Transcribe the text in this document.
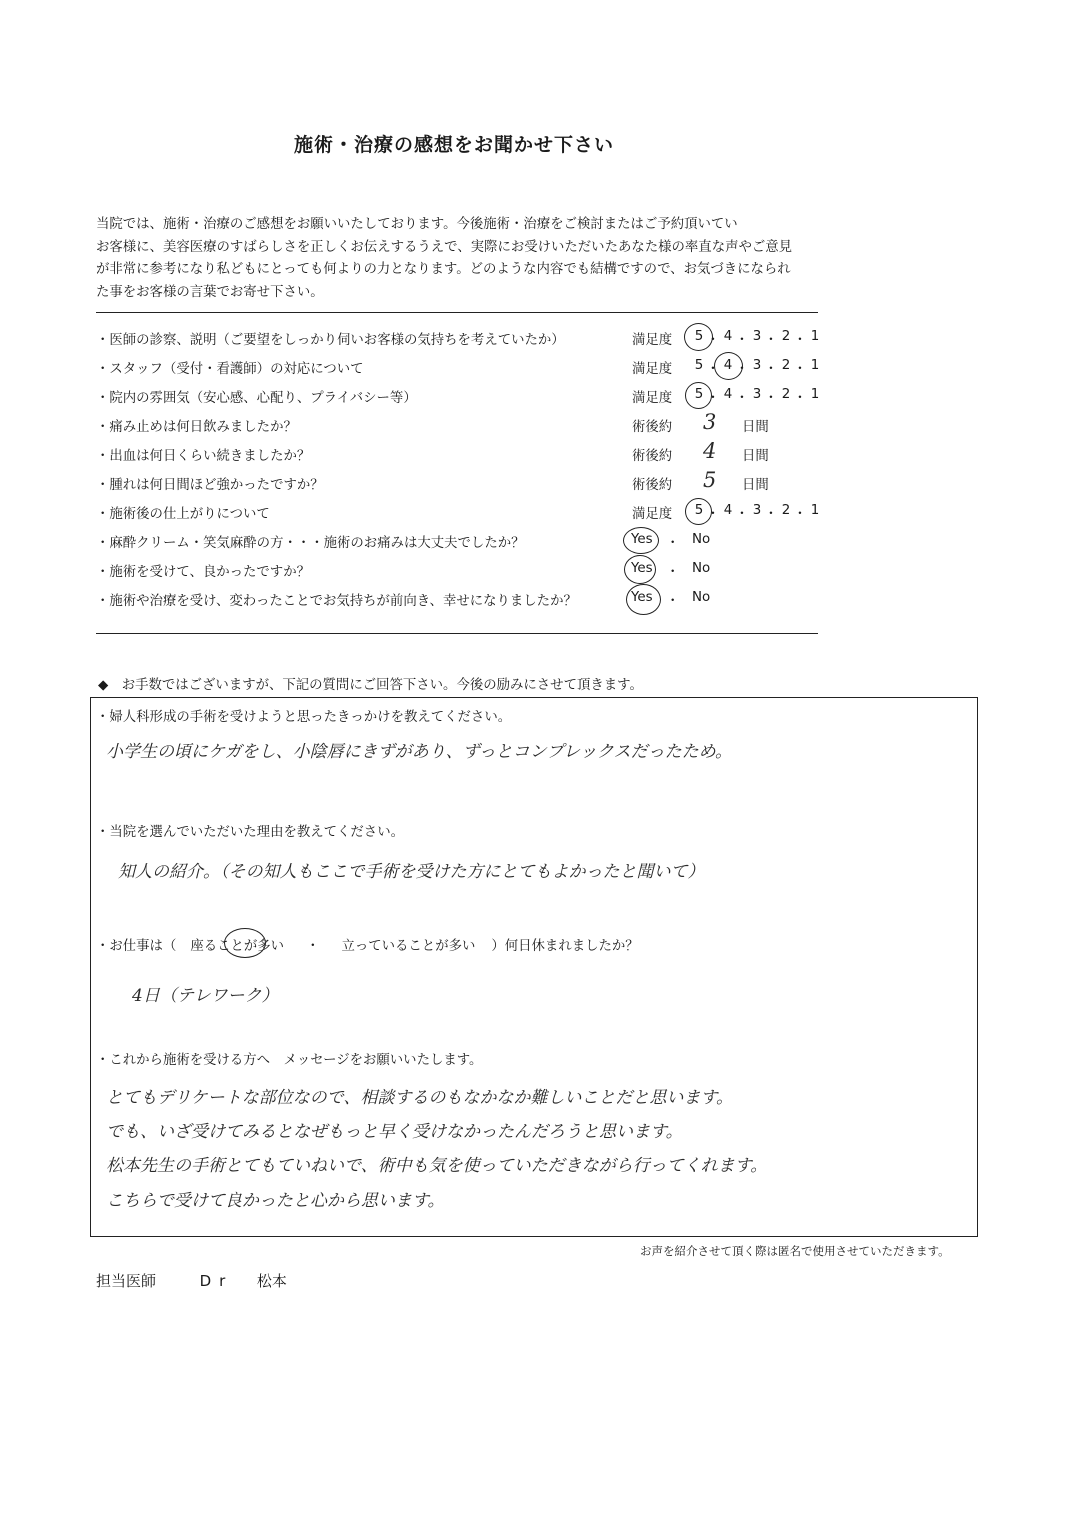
施術・治療の感想をお聞かせ下さい
当院では、施術・治療のご感想をお願いいたしております。今後施術・治療をご検討またはご予約頂いてい
お客様に、美容医療のすばらしさを正しくお伝えするうえで、実際にお受けいただいたあなた様の率直な声やご意見
が非常に参考になり私どもにとっても何よりの力となります。どのような内容でも結構ですので、お気づきになられ
た事をお客様の言葉でお寄せ下さい。
・医師の診察、説明（ご要望をしっかり伺いお客様の気持ちを考えていたか）	満足度 5 ・ 4 ・ 3 ・ 2 ・ 1
・スタッフ（受付・看護師）の対応について	満足度 5 ・ 4 ・ 3 ・ 2 ・ 1
・院内の雰囲気（安心感、心配り、プライバシー等）	満足度 5 ・ 4 ・ 3 ・ 2 ・ 1
・痛み止めは何日飲みましたか？	術後約 3 日間
・出血は何日くらい続きましたか？	術後約 4 日間
・腫れは何日間ほど強かったですか？	術後約 5 日間
・施術後の仕上がりについて	満足度 5 ・ 4 ・ 3 ・ 2 ・ 1
・麻酔クリーム・笑気麻酔の方・・・施術のお痛みは大丈夫でしたか？	Yes ・ No
・施術を受けて、良かったですか？	Yes ・ No
・施術や治療を受け、変わったことでお気持ちが前向き、幸せになりましたか？	Yes ・ No
◆　お手数ではございますが、下記の質問にご回答下さい。今後の励みにさせて頂きます。
・婦人科形成の手術を受けようと思ったきっかけを教えてください。
小学生の頃にケガをし、小陰唇にきずがあり、ずっとコンプレックスだったため。
・当院を選んでいただいた理由を教えてください。
知人の紹介。（その知人もここで手術を受けた方にとてもよかったと聞いて）
・お仕事は（ 座ることが多い ・ 立っていることが多い ）何日休まれましたか？
4日（テレワーク）
・これから施術を受ける方へ　メッセージをお願いいたします。
とてもデリケートな部位なので、相談するのもなかなか難しいことだと思います。
でも、いざ受けてみるとなぜもっと早く受けなかったんだろうと思います。
松本先生の手術とてもていねいで、術中も気を使っていただきながら行ってくれます。
こちらで受けて良かったと心から思います。
お声を紹介させて頂く際は匿名で使用させていただきます。
担当医師	Dr 松本
